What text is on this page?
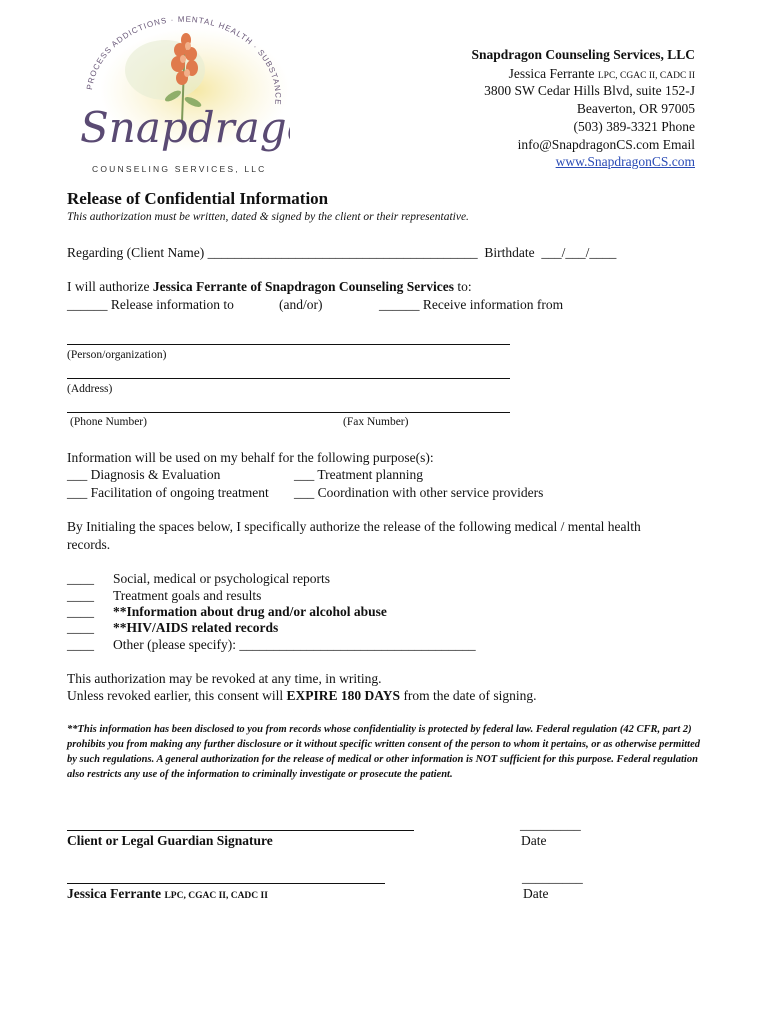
PROCESS ADDICTIONS · MENTAL HEALTH · SUBSTANCE
Snapdrag
COUNSELING SERVICES, LLC
Snapdragon Counseling Services, LLC
Jessica Ferrante LPC, CGAC II, CADC II
3800 SW Cedar Hills Blvd, suite 152-J
Beaverton, OR 97005
(503) 389-3321 Phone
info@SnapdragonCS.com Email
www.SnapdragonCS.com
Release of Confidential Information
This authorization must be written, dated & signed by the client or their representative.
Regarding (Client Name) ________________________________________  Birthdate  ___/___/____
I will authorize Jessica Ferrante of Snapdragon Counseling Services to:
______ Release information to	(and/or)	______ Receive information from
(Person/organization)
(Address)
(Phone Number)	(Fax Number)
Information will be used on my behalf for the following purpose(s):
___ Diagnosis & Evaluation	___ Treatment planning
___ Facilitation of ongoing treatment ___ Coordination with other service providers
By Initialing the spaces below, I specifically authorize the release of the following medical / mental health
records.
____ Social, medical or psychological reports
____ Treatment goals and results
____ **Information about drug and/or alcohol abuse
____ **HIV/AIDS related records
____ Other (please specify): ___________________________________
This authorization may be revoked at any time, in writing.
Unless revoked earlier, this consent will EXPIRE 180 DAYS from the date of signing.
**This information has been disclosed to you from records whose confidentiality is protected by federal law. Federal regulation (42 CFR, part 2) prohibits you from making any further disclosure or it without specific written consent of the person to whom it pertains, or as otherwise permitted by such regulations. A general authorization for the release of medical or other information is NOT sufficient for this purpose. Federal regulation also restricts any use of the information to criminally investigate or prosecute the patient.
Client or Legal Guardian Signature
_________
Date
Jessica Ferrante LPC, CGAC II, CADC II
_________
Date
